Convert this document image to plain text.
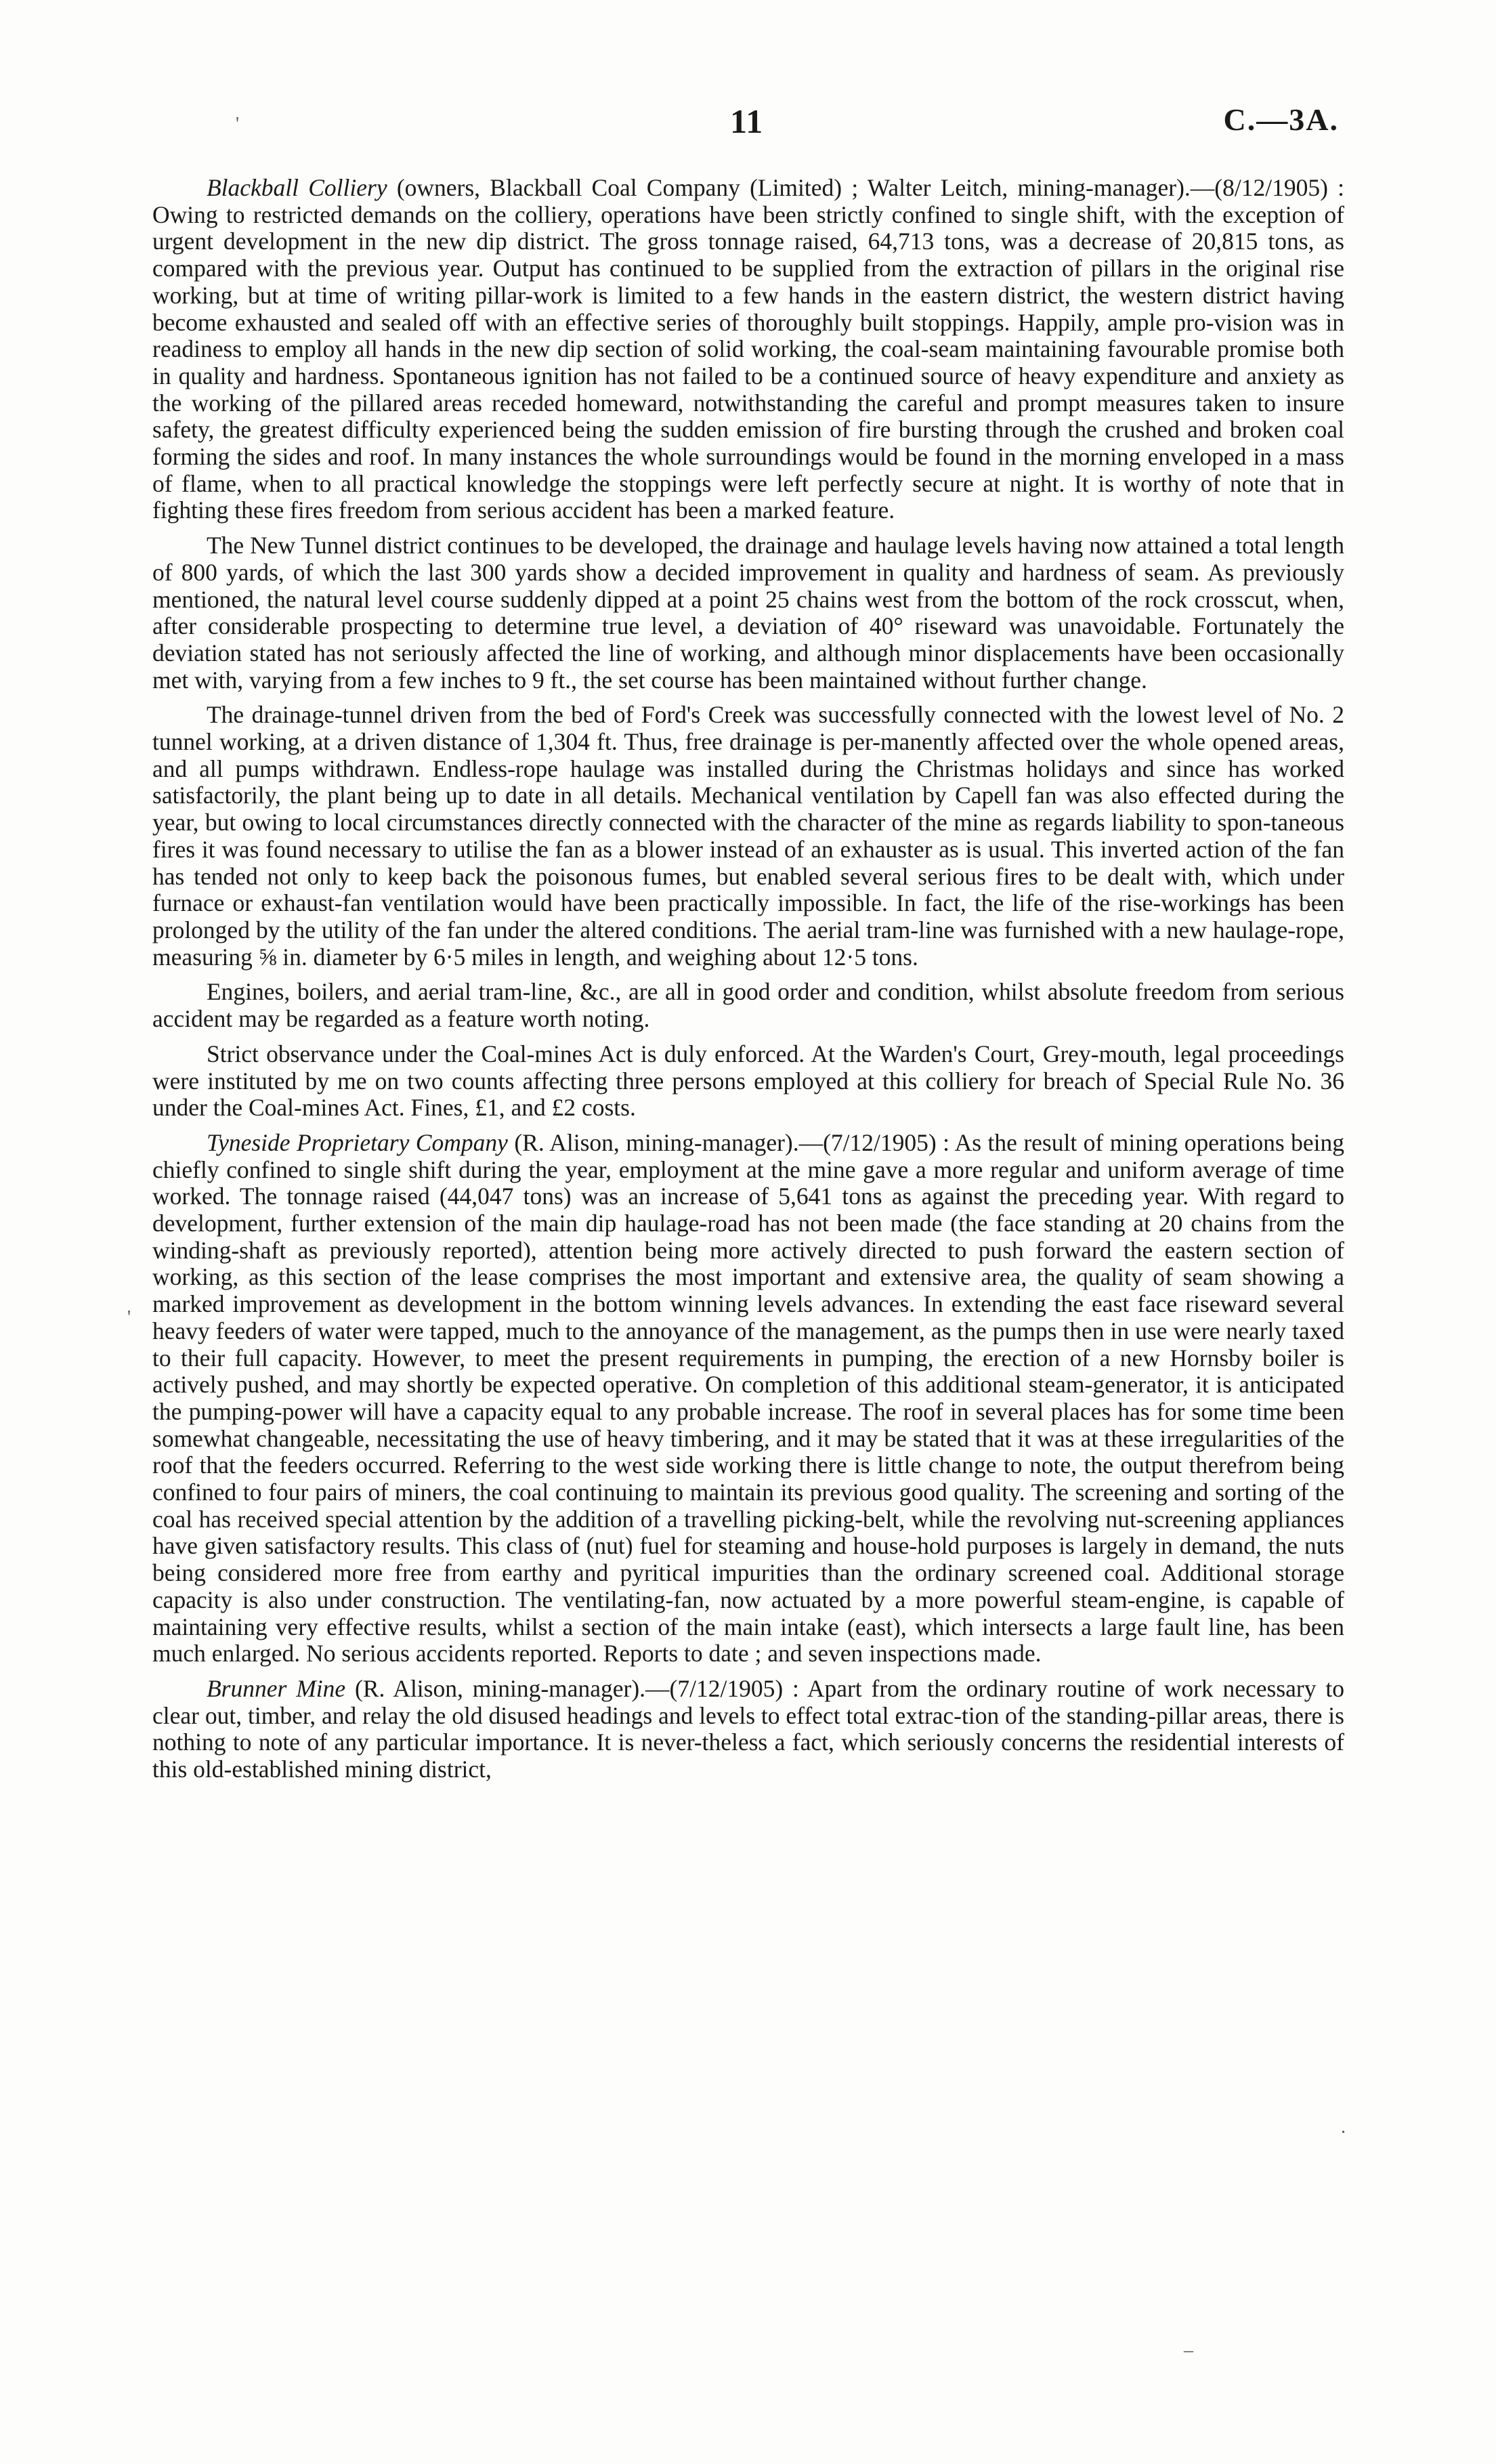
11	C.—3A.
'
'
.
–

Blackball Colliery (owners, Blackball Coal Company (Limited) ; Walter Leitch, mining-manager).—(8/12/1905) : Owing to restricted demands on the colliery, operations have been strictly confined to single shift, with the exception of urgent development in the new dip district. The gross tonnage raised, 64,713 tons, was a decrease of 20,815 tons, as compared with the previous year. Output has continued to be supplied from the extraction of pillars in the original rise working, but at time of writing pillar-work is limited to a few hands in the eastern district, the western district having become exhausted and sealed off with an effective series of thoroughly built stoppings. Happily, ample pro-vision was in readiness to employ all hands in the new dip section of solid working, the coal-seam maintaining favourable promise both in quality and hardness. Spontaneous ignition has not failed to be a continued source of heavy expenditure and anxiety as the working of the pillared areas receded homeward, notwithstanding the careful and prompt measures taken to insure safety, the greatest difficulty experienced being the sudden emission of fire bursting through the crushed and broken coal forming the sides and roof. In many instances the whole surroundings would be found in the morning enveloped in a mass of flame, when to all practical knowledge the stoppings were left perfectly secure at night. It is worthy of note that in fighting these fires freedom from serious accident has been a marked feature.

The New Tunnel district continues to be developed, the drainage and haulage levels having now attained a total length of 800 yards, of which the last 300 yards show a decided improvement in quality and hardness of seam. As previously mentioned, the natural level course suddenly dipped at a point 25 chains west from the bottom of the rock crosscut, when, after considerable prospecting to determine true level, a deviation of 40° riseward was unavoidable. Fortunately the deviation stated has not seriously affected the line of working, and although minor displacements have been occasionally met with, varying from a few inches to 9 ft., the set course has been maintained without further change.

The drainage-tunnel driven from the bed of Ford's Creek was successfully connected with the lowest level of No. 2 tunnel working, at a driven distance of 1,304 ft. Thus, free drainage is per-manently affected over the whole opened areas, and all pumps withdrawn. Endless-rope haulage was installed during the Christmas holidays and since has worked satisfactorily, the plant being up to date in all details. Mechanical ventilation by Capell fan was also effected during the year, but owing to local circumstances directly connected with the character of the mine as regards liability to spon-taneous fires it was found necessary to utilise the fan as a blower instead of an exhauster as is usual. This inverted action of the fan has tended not only to keep back the poisonous fumes, but enabled several serious fires to be dealt with, which under furnace or exhaust-fan ventilation would have been practically impossible. In fact, the life of the rise-workings has been prolonged by the utility of the fan under the altered conditions. The aerial tram-line was furnished with a new haulage-rope, measuring ⅝ in. diameter by 6·5 miles in length, and weighing about 12·5 tons.

Engines, boilers, and aerial tram-line, &c., are all in good order and condition, whilst absolute freedom from serious accident may be regarded as a feature worth noting.

Strict observance under the Coal-mines Act is duly enforced. At the Warden's Court, Grey-mouth, legal proceedings were instituted by me on two counts affecting three persons employed at this colliery for breach of Special Rule No. 36 under the Coal-mines Act. Fines, £1, and £2 costs.

Tyneside Proprietary Company (R. Alison, mining-manager).—(7/12/1905) : As the result of mining operations being chiefly confined to single shift during the year, employment at the mine gave a more regular and uniform average of time worked. The tonnage raised (44,047 tons) was an increase of 5,641 tons as against the preceding year. With regard to development, further extension of the main dip haulage-road has not been made (the face standing at 20 chains from the winding-shaft as previously reported), attention being more actively directed to push forward the eastern section of working, as this section of the lease comprises the most important and extensive area, the quality of seam showing a marked improvement as development in the bottom winning levels advances. In extending the east face riseward several heavy feeders of water were tapped, much to the annoyance of the management, as the pumps then in use were nearly taxed to their full capacity. However, to meet the present requirements in pumping, the erection of a new Hornsby boiler is actively pushed, and may shortly be expected operative. On completion of this additional steam-generator, it is anticipated the pumping-power will have a capacity equal to any probable increase. The roof in several places has for some time been somewhat changeable, necessitating the use of heavy timbering, and it may be stated that it was at these irregularities of the roof that the feeders occurred. Referring to the west side working there is little change to note, the output therefrom being confined to four pairs of miners, the coal continuing to maintain its previous good quality. The screening and sorting of the coal has received special attention by the addition of a travelling picking-belt, while the revolving nut-screening appliances have given satisfactory results. This class of (nut) fuel for steaming and house-hold purposes is largely in demand, the nuts being considered more free from earthy and pyritical impurities than the ordinary screened coal. Additional storage capacity is also under construction. The ventilating-fan, now actuated by a more powerful steam-engine, is capable of maintaining very effective results, whilst a section of the main intake (east), which intersects a large fault line, has been much enlarged. No serious accidents reported. Reports to date ; and seven inspections made.

Brunner Mine (R. Alison, mining-manager).—(7/12/1905) : Apart from the ordinary routine of work necessary to clear out, timber, and relay the old disused headings and levels to effect total extrac-tion of the standing-pillar areas, there is nothing to note of any particular importance. It is never-theless a fact, which seriously concerns the residential interests of this old-established mining district,
